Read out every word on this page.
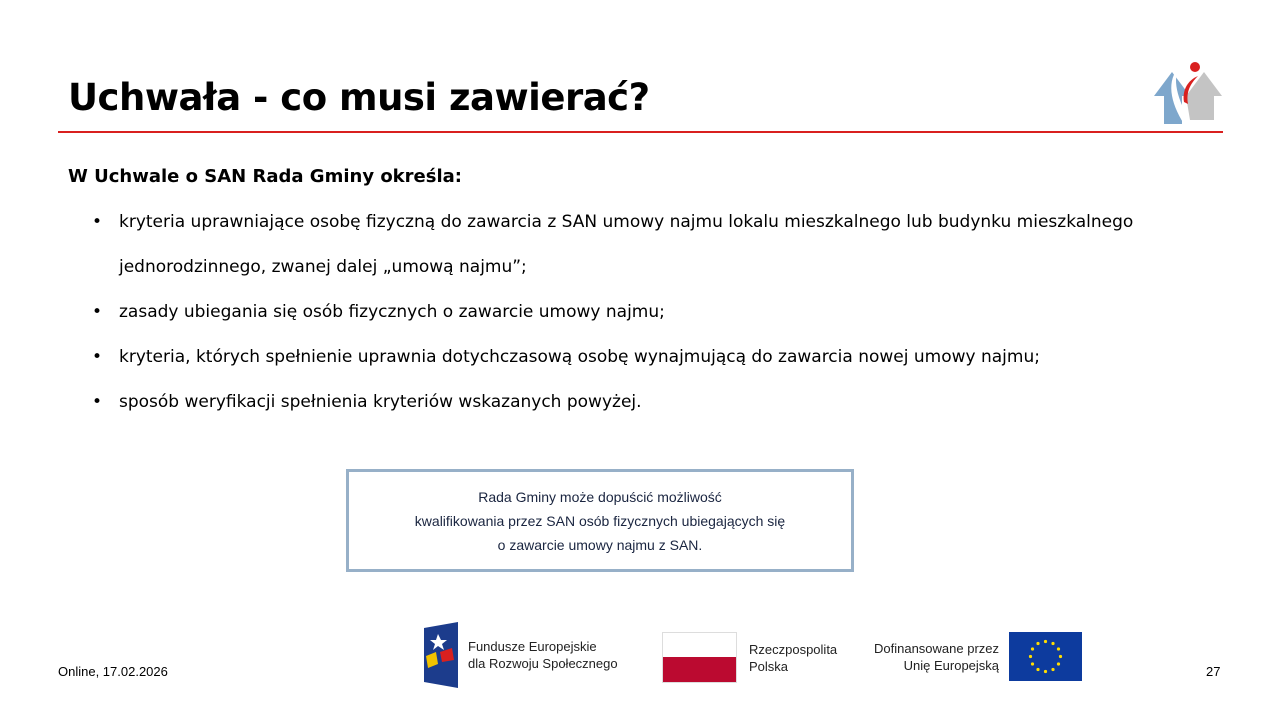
Uchwała - co musi zawierać?
W Uchwale o SAN Rada Gminy określa:
• kryteria uprawniające osobę fizyczną do zawarcia z SAN umowy najmu lokalu mieszkalnego lub budynku mieszkalnego jednorodzinnego, zwanej dalej „umową najmu”;
• zasady ubiegania się osób fizycznych o zawarcie umowy najmu;
• kryteria, których spełnienie uprawnia dotychczasową osobę wynajmującą do zawarcia nowej umowy najmu;
• sposób weryfikacji spełnienia kryteriów wskazanych powyżej.
Rada Gminy może dopuścić możliwość
kwalifikowania przez SAN osób fizycznych ubiegających się
o zawarcie umowy najmu z SAN.
Online, 17.02.2026	27
Fundusze Europejskie
dla Rozwoju Społecznego
Rzeczpospolita
Polska
Dofinansowane przez
Unię Europejską
